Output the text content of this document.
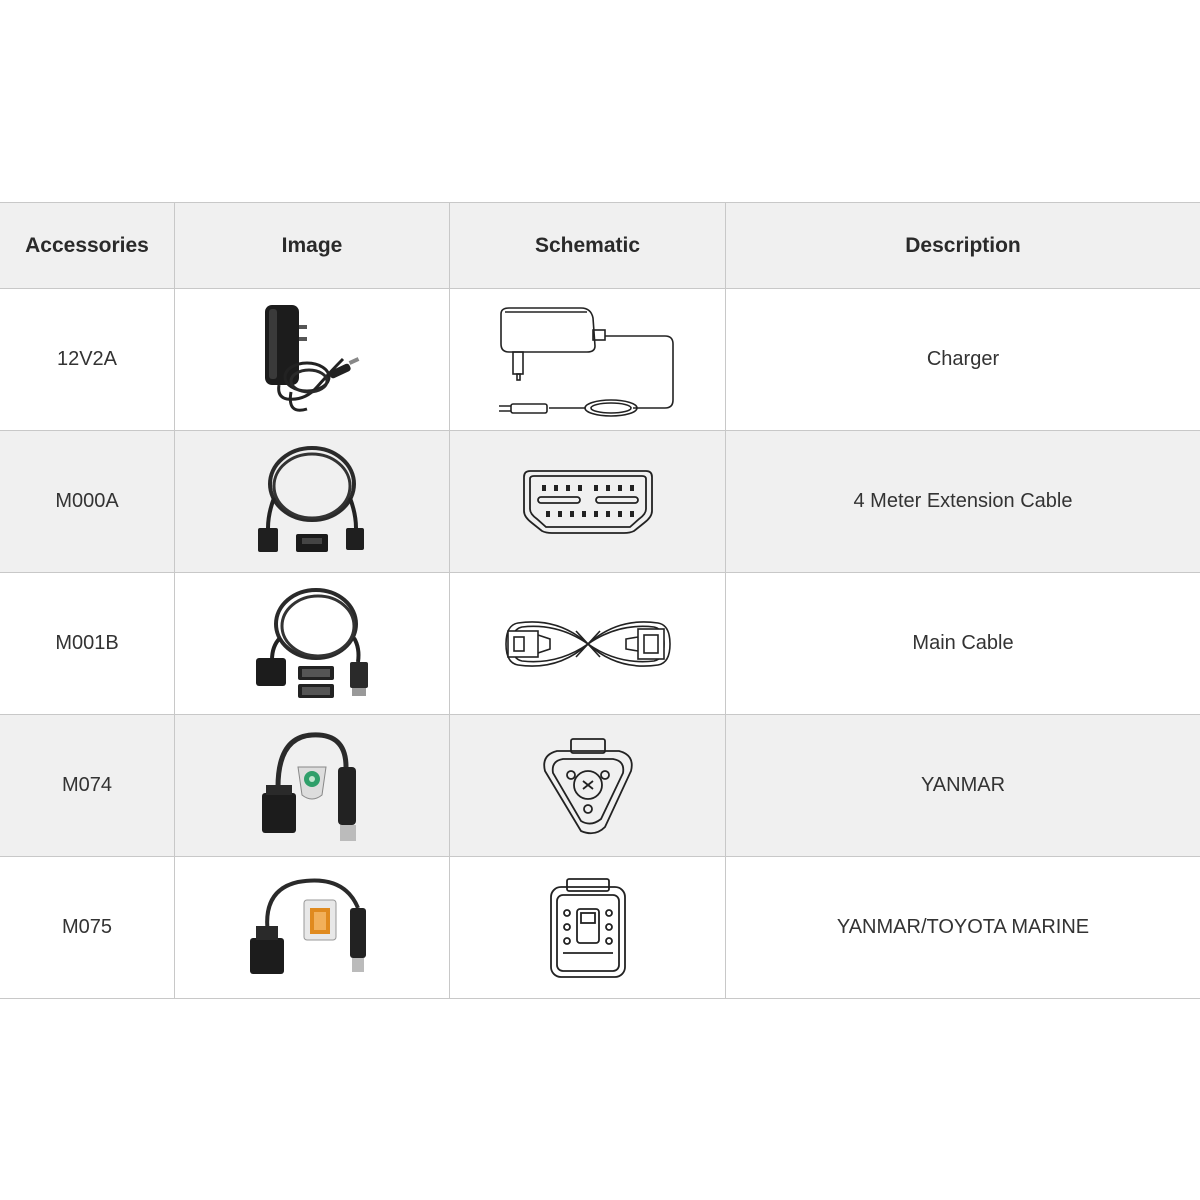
Accessories	Image	Schematic	Description
12V2A	Charger
M000A	4 Meter Extension Cable
M001B	Main Cable
M074	YANMAR
M075	YANMAR/TOYOTA MARINE
